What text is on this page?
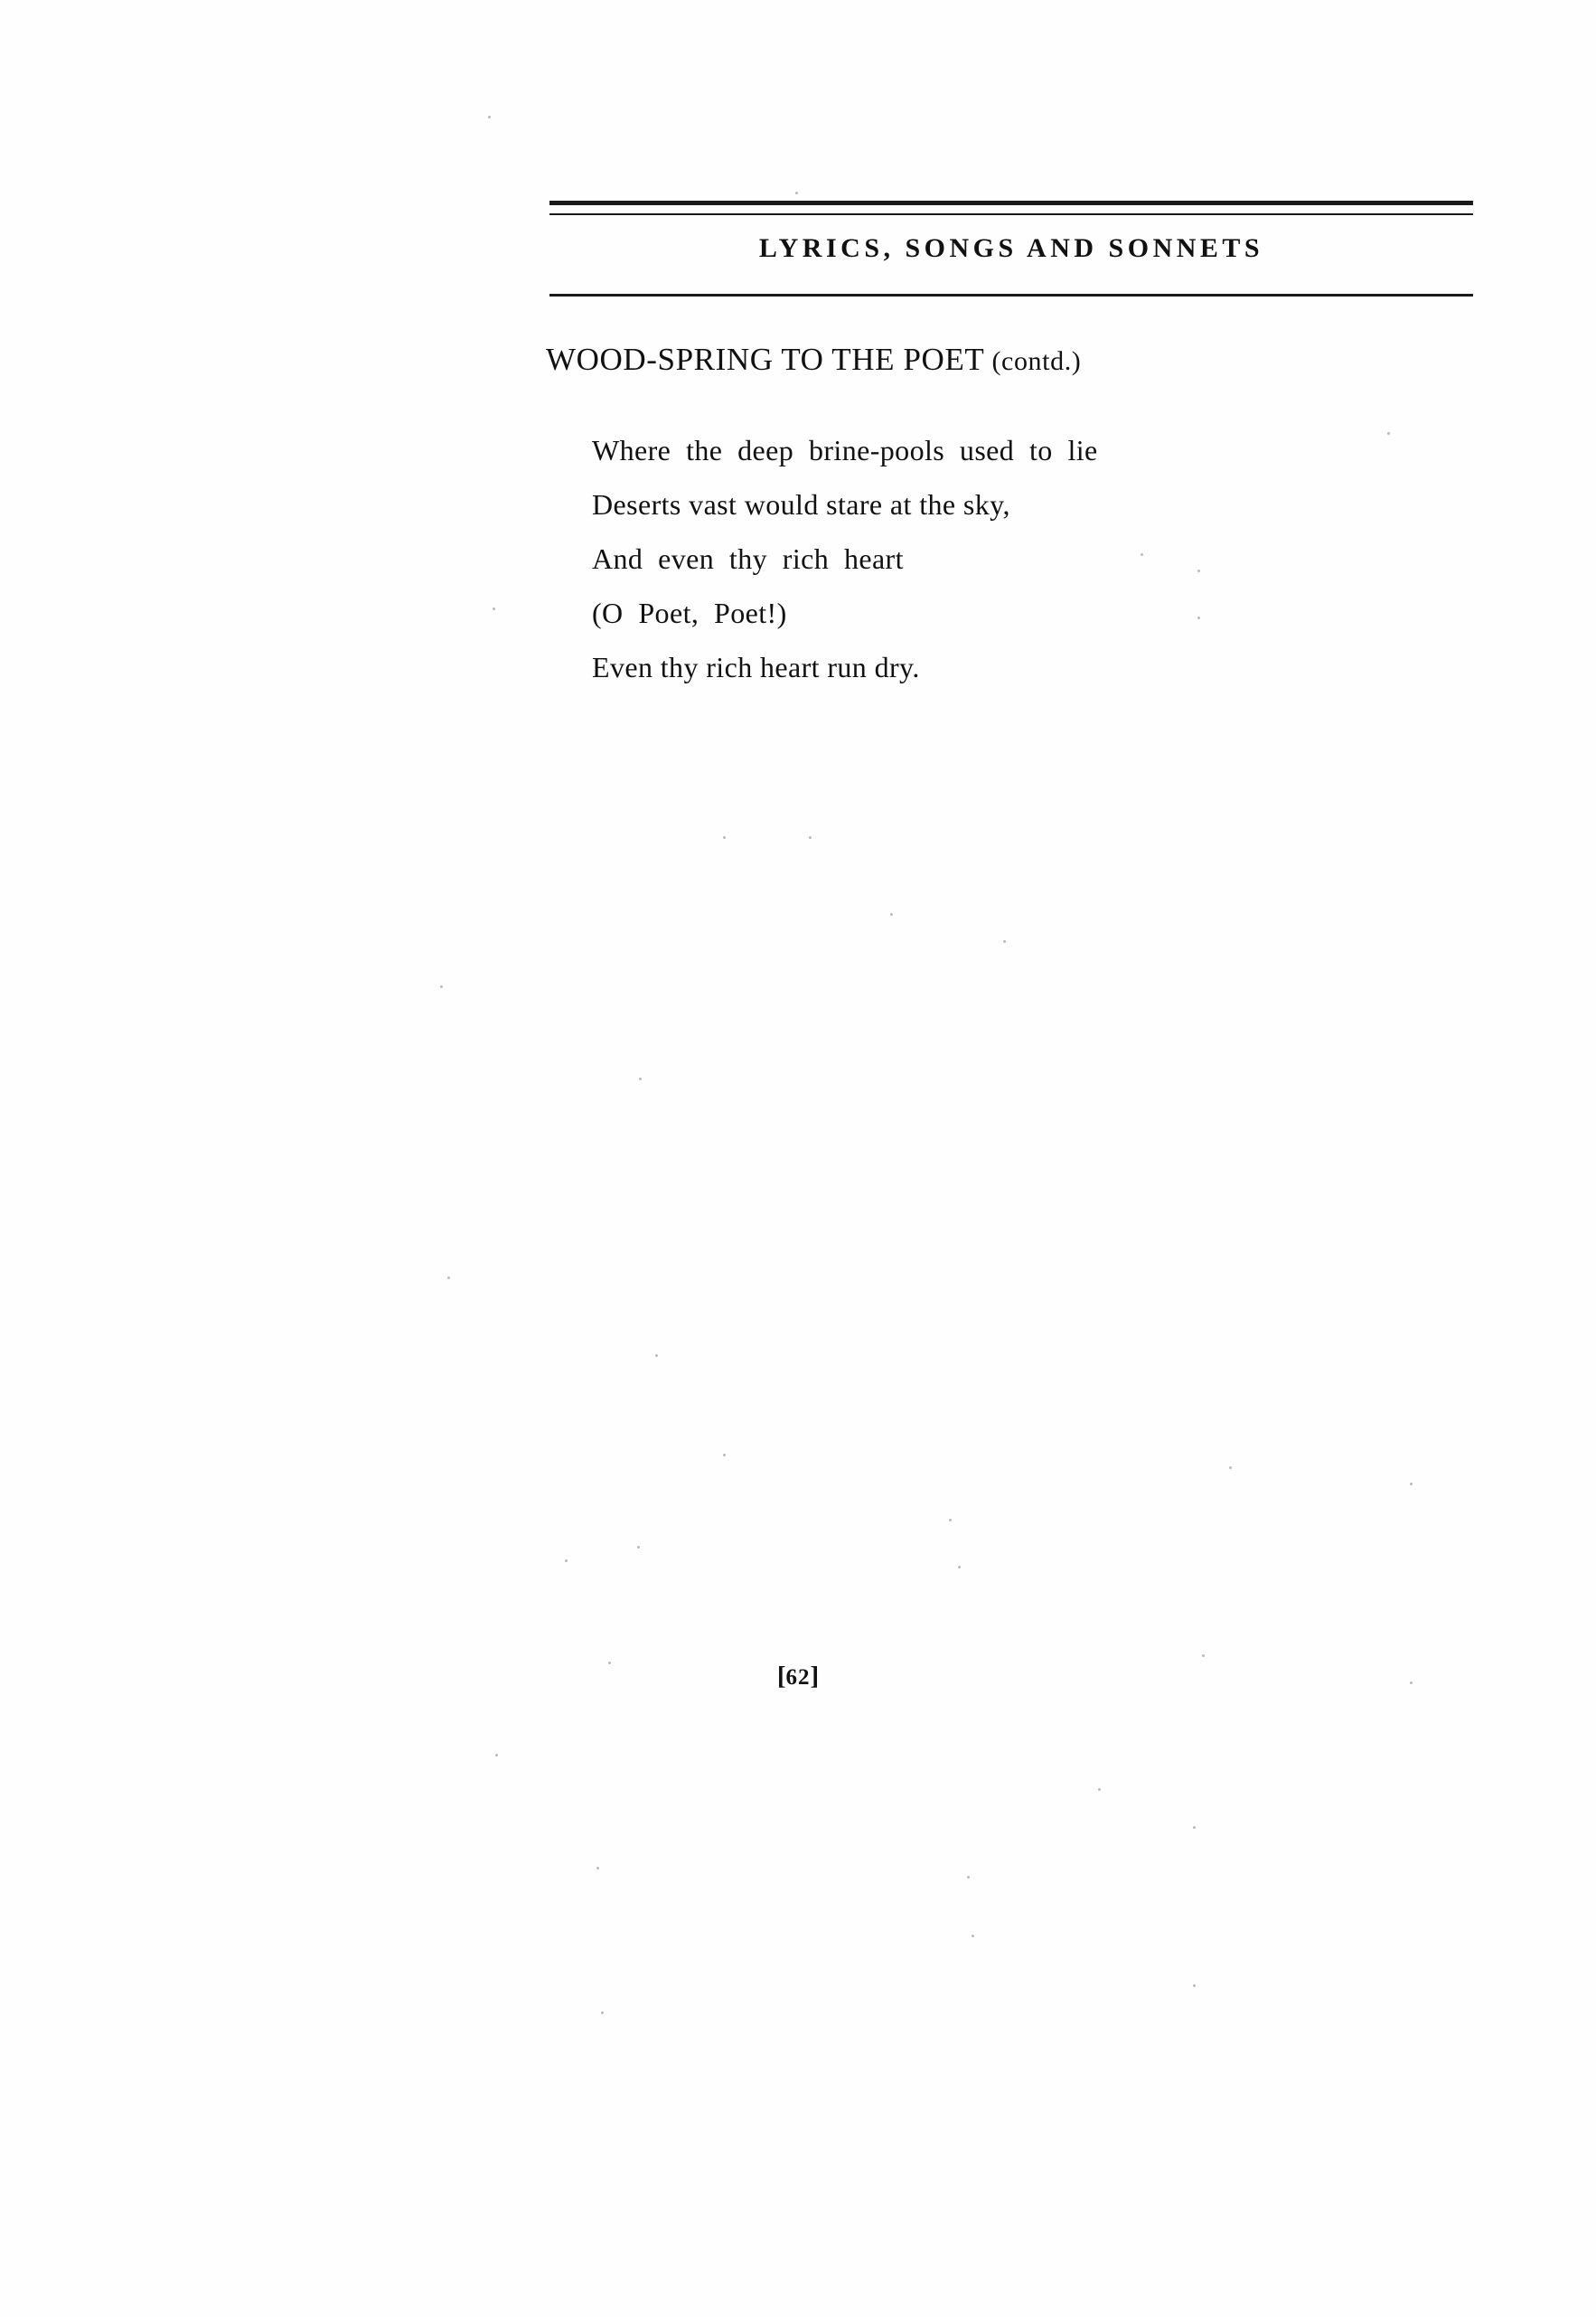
LYRICS, SONGS AND SONNETS
WOOD-SPRING TO THE POET (contd.)
Where  the  deep  brine-pools  used  to  lie
Deserts vast would stare at the sky,
And  even  thy  rich  heart
(O  Poet,  Poet!)
Even thy rich heart run dry.
[62]
